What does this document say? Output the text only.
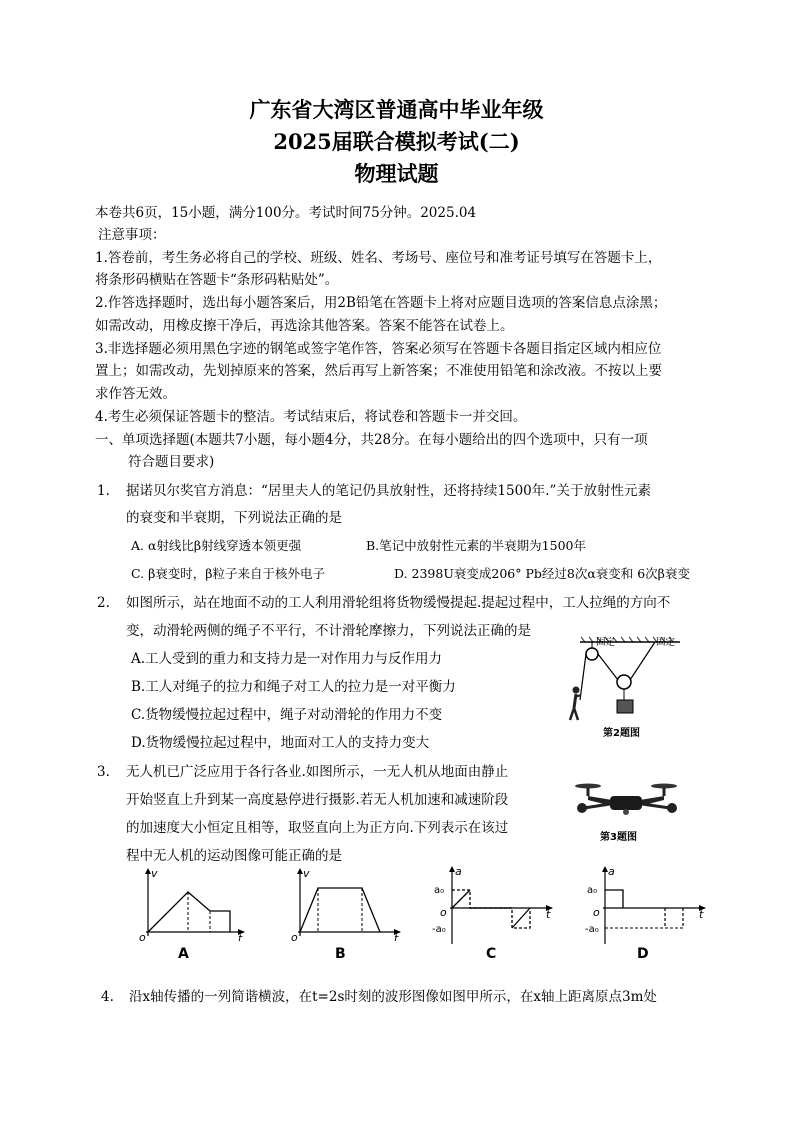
广东省大湾区普通高中毕业年级
2025届联合模拟考试(二)
物理试题
本卷共6页，15小题，满分100分。考试时间75分钟。2025.04
注意事项：
1.答卷前，考生务必将自己的学校、班级、姓名、考场号、座位号和准考证号填写在答题卡上，
将条形码横贴在答题卡“条形码粘贴处”。
2.作答选择题时，选出每小题答案后，用2B铅笔在答题卡上将对应题目选项的答案信息点涂黑；
如需改动，用橡皮擦干净后，再选涂其他答案。答案不能答在试卷上。
3.非选择题必须用黑色字迹的钢笔或签字笔作答，答案必须写在答题卡各题目指定区域内相应位
置上；如需改动，先划掉原来的答案，然后再写上新答案；不准使用铅笔和涂改液。不按以上要
求作答无效。
4.考生必须保证答题卡的整洁。考试结束后，将试卷和答题卡一并交回。
一、单项选择题(本题共7小题，每小题4分，共28分。在每小题给出的四个选项中，只有一项
符合题目要求)
1. 据诺贝尔奖官方消息：“居里夫人的笔记仍具放射性，还将持续1500年.”关于放射性元素
的衰变和半衰期，下列说法正确的是
A. α射线比β射线穿透本领更强	B.笔记中放射性元素的半衰期为1500年
C. β衰变时，β粒子来自于核外电子	D. 2398U衰变成206° Pb经过8次α衰变和 6次β衰变
2. 如图所示，站在地面不动的工人利用滑轮组将货物缓慢提起.提起过程中，工人拉绳的方向不
变，动滑轮两侧的绳子不平行，不计滑轮摩擦力，下列说法正确的是
A.工人受到的重力和支持力是一对作用力与反作用力
B.工人对绳子的拉力和绳子对工人的拉力是一对平衡力
C.货物缓慢拉起过程中，绳子对动滑轮的作用力不变
D.货物缓慢拉起过程中，地面对工人的支持力变大
固定	固定
第2题图
3. 无人机已广泛应用于各行各业.如图所示，一无人机从地面由静止
开始竖直上升到某一高度悬停进行摄影.若无人机加速和减速阶段
的加速度大小恒定且相等，取竖直向上为正方向.下列表示在该过
程中无人机的运动图像可能正确的是
第3题图
v
t
o
A
v
t
o
B
a
t
o
a₀
-a₀
C
a
t
o
a₀
-a₀
D
4. 沿x轴传播的一列简谐横波，在t=2s时刻的波形图像如图甲所示，在x轴上距离原点3m处
